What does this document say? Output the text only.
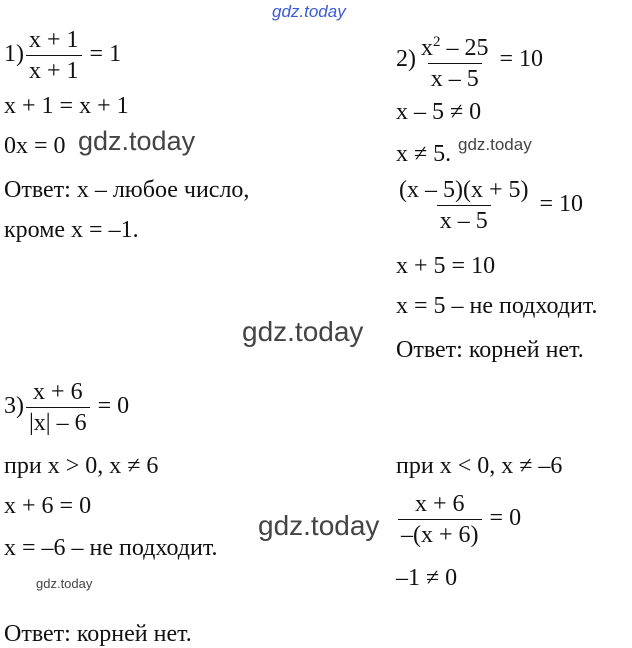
gdz.today
$1) \frac{x + 1}{x + 1} = 1$
x + 1 = x + 1
0x = 0 gdz.today
Ответ: x – любое число,
кроме x = –1.
$2) \frac{x^2 - 25}{x - 5} = 10$
x – 5 ≠ 0
x ≠ 5. gdz.today
$\frac{(x - 5)(x + 5)}{x - 5} = 10$
x + 5 = 10
x = 5 – не подходит.
Ответ: корней нет.
gdz.today
$3) \frac{x + 6}{|x| - 6} = 0$
при x > 0, x ≠ 6
x + 6 = 0
x = –6 – не подходит.
gdz.today
Ответ: корней нет.
при x < 0, x ≠ –6
$\frac{x + 6}{-(x + 6)} = 0$
–1 ≠ 0
gdz.today
